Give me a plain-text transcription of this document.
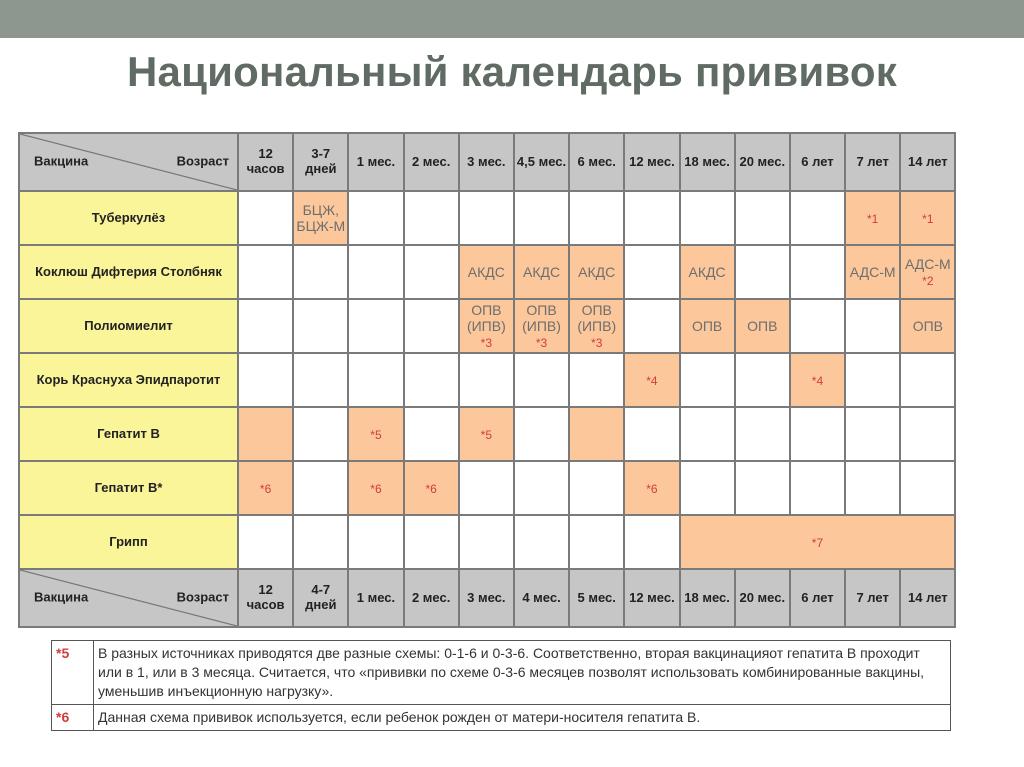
Национальный календарь прививок
Вакцина Возраст	12 часов	3-7 дней	1 мес.	2 мес.	3 мес.	4,5 мес.	6 мес.	12 мес.	18 мес.	20 мес.	6 лет	7 лет	14 лет
Туберкулёз		БЦЖ, БЦЖ-М										*1	*1
Коклюш Дифтерия Столбняк					АКДС	АКДС	АКДС		АКДС			АДС-М	АДС-М *2
Полиомиелит					ОПВ (ИПВ) *3	ОПВ (ИПВ) *3	ОПВ (ИПВ) *3		ОПВ	ОПВ			ОПВ
Корь Краснуха Эпидпаротит								*4			*4		
Гепатит В			*5		*5								
Гепатит В*	*6		*6	*6				*6					
Грипп									*7				

Вакцина Возраст	12 часов	4-7 дней	1 мес.	2 мес.	3 мес.	4 мес.	5 мес.	12 мес.	18 мес.	20 мес.	6 лет	7 лет	14 лет
*5	В разных источниках приводятся две разные схемы: 0-1-6 и 0-3-6. Соответственно, вторая вакцинацияот гепатита В проходит или в 1, или в 3 месяца. Считается, что «прививки по схеме 0-3-6 месяцев позволят использовать комбинированные вакцины, уменьшив инъекционную нагрузку».
*6	Данная схема прививок используется, если ребенок рожден от матери-носителя гепатита В.
